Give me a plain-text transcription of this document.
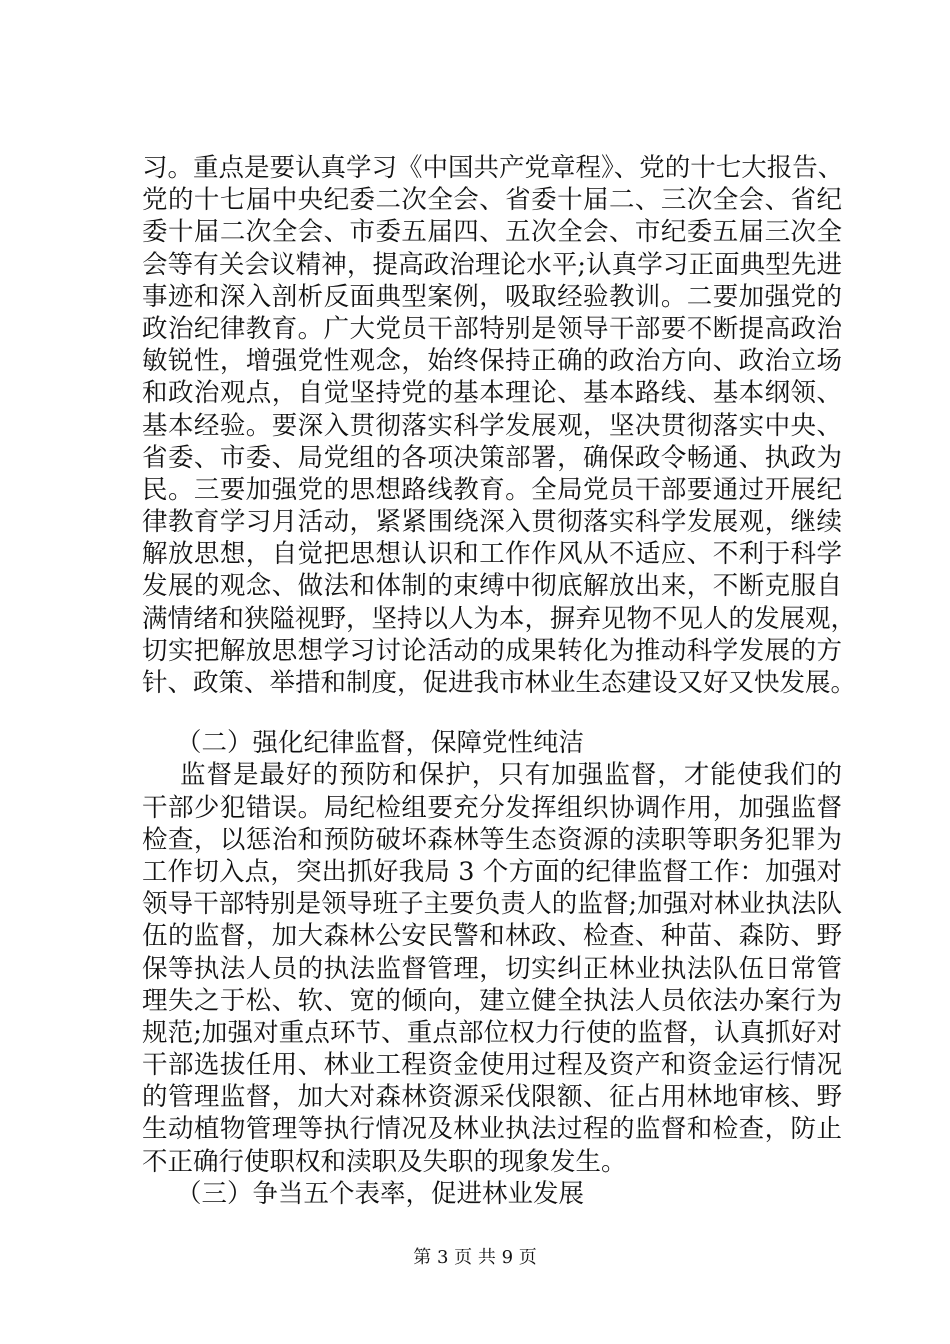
习。重点是要认真学习《中国共产党章程》、党的十七大报告、
党的十七届中央纪委二次全会、省委十届二、三次全会、省纪
委十届二次全会、市委五届四、五次全会、市纪委五届三次全
会等有关会议精神，提高政治理论水平;认真学习正面典型先进
事迹和深入剖析反面典型案例，吸取经验教训。二要加强党的
政治纪律教育。广大党员干部特别是领导干部要不断提高政治
敏锐性，增强党性观念，始终保持正确的政治方向、政治立场
和政治观点，自觉坚持党的基本理论、基本路线、基本纲领、
基本经验。要深入贯彻落实科学发展观，坚决贯彻落实中央、
省委、市委、局党组的各项决策部署，确保政令畅通、执政为
民。三要加强党的思想路线教育。全局党员干部要通过开展纪
律教育学习月活动，紧紧围绕深入贯彻落实科学发展观，继续
解放思想，自觉把思想认识和工作作风从不适应、不利于科学
发展的观念、做法和体制的束缚中彻底解放出来，不断克服自
满情绪和狭隘视野，坚持以人为本，摒弃见物不见人的发展观，
切实把解放思想学习讨论活动的成果转化为推动科学发展的方
针、政策、举措和制度，促进我市林业生态建设又好又快发展。
（二）强化纪律监督，保障党性纯洁
监督是最好的预防和保护，只有加强监督，才能使我们的
干部少犯错误。局纪检组要充分发挥组织协调作用，加强监督
检查，以惩治和预防破坏森林等生态资源的渎职等职务犯罪为
工作切入点，突出抓好我局 3 个方面的纪律监督工作：加强对
领导干部特别是领导班子主要负责人的监督;加强对林业执法队
伍的监督，加大森林公安民警和林政、检查、种苗、森防、野
保等执法人员的执法监督管理，切实纠正林业执法队伍日常管
理失之于松、软、宽的倾向，建立健全执法人员依法办案行为
规范;加强对重点环节、重点部位权力行使的监督，认真抓好对
干部选拔任用、林业工程资金使用过程及资产和资金运行情况
的管理监督，加大对森林资源采伐限额、征占用林地审核、野
生动植物管理等执行情况及林业执法过程的监督和检查，防止
不正确行使职权和渎职及失职的现象发生。
（三）争当五个表率，促进林业发展
第 3 页 共 9 页
